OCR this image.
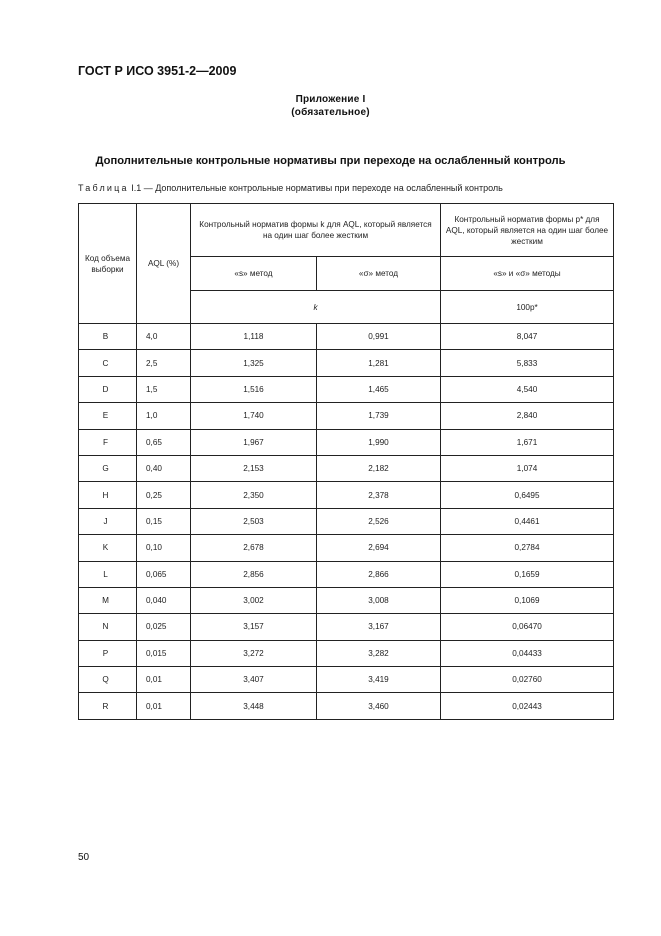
ГОСТ Р ИСО 3951-2—2009
Приложение I
(обязательное)
Дополнительные контрольные нормативы при переходе на ослабленный контроль
Таблица I.1 — Дополнительные контрольные нормативы при переходе на ослабленный контроль
Код объема выборки	AQL (%)	Контрольный норматив формы k для AQL, который является на один шаг более жестким		Контрольный норматив формы p* для AQL, который является на один шаг более жестким
		«s» метод	«σ» метод	«s» и «σ» методы
		k		100p*
B	4,0	1,118	0,991	8,047
C	2,5	1,325	1,281	5,833
D	1,5	1,516	1,465	4,540
E	1,0	1,740	1,739	2,840
F	0,65	1,967	1,990	1,671
G	0,40	2,153	2,182	1,074
H	0,25	2,350	2,378	0,6495
J	0,15	2,503	2,526	0,4461
K	0,10	2,678	2,694	0,2784
L	0,065	2,856	2,866	0,1659
M	0,040	3,002	3,008	0,1069
N	0,025	3,157	3,167	0,06470
P	0,015	3,272	3,282	0,04433
Q	0,01	3,407	3,419	0,02760
R	0,01	3,448	3,460	0,02443
50
